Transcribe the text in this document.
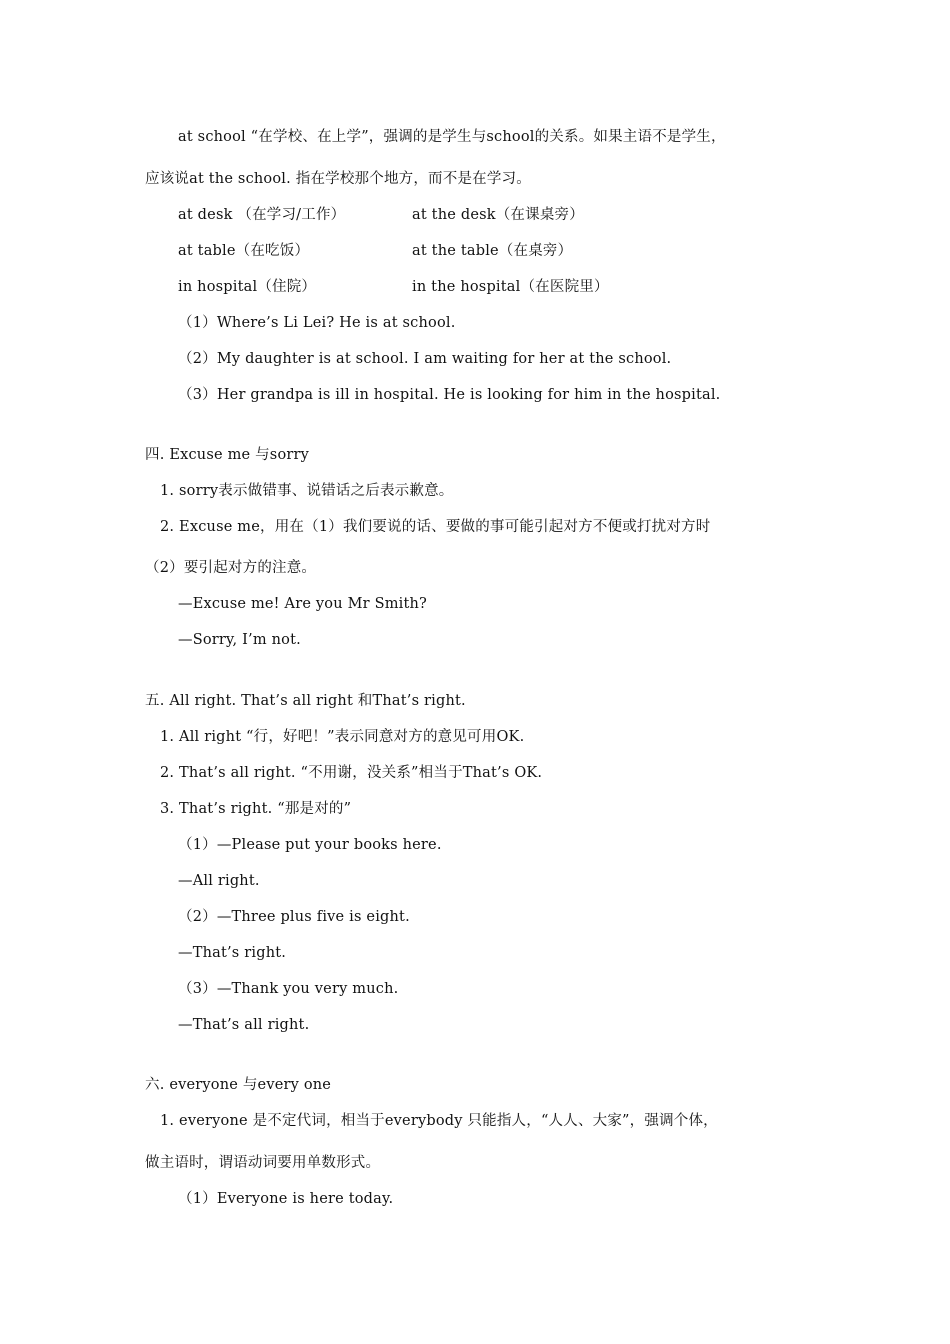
at school “在学校、在上学”，强调的是学生与school的关系。如果主语不是学生，
应该说at the school. 指在学校那个地方，而不是在学习。
at desk （在学习/工作）	at the desk（在课桌旁）
at table（在吃饭）	at the table（在桌旁）
in hospital（住院）	in the hospital（在医院里）
（1）Where’s Li Lei? He is at school.
（2）My daughter is at school. I am waiting for her at the school.
（3）Her grandpa is ill in hospital. He is looking for him in the hospital.
四. Excuse me 与sorry
1. sorry表示做错事、说错话之后表示歉意。
2. Excuse me，用在（1）我们要说的话、要做的事可能引起对方不便或打扰对方时
（2）要引起对方的注意。
—Excuse me! Are you Mr Smith?
—Sorry, I’m not.
五. All right. That’s all right 和That’s right.
1. All right “行，好吧！”表示同意对方的意见可用OK.
2. That’s all right. “不用谢，没关系”相当于That’s OK.
3. That’s right. “那是对的”
（1）—Please put your books here.
—All right.
（2）—Three plus five is eight.
—That’s right.
（3）—Thank you very much.
—That’s all right.
六. everyone 与every one
1. everyone 是不定代词，相当于everybody 只能指人，“人人、大家”，强调个体，
做主语时，谓语动词要用单数形式。
（1）Everyone is here today.
